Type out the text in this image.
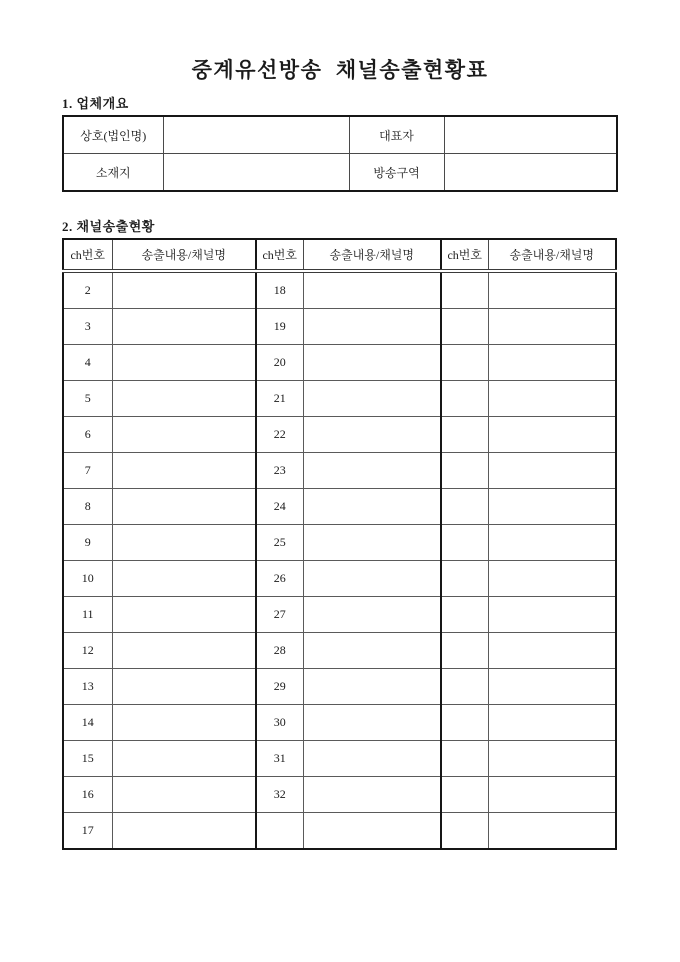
중계유선방송  채널송출현황표
1. 업체개요
상호(법인명)		대표자	
소재지		방송구역	
2. 채널송출현황
ch번호	송출내용/채널명	ch번호	송출내용/채널명	ch번호	송출내용/채널명
2		18			
3		19			
4		20			
5		21			
6		22			
7		23			
8		24			
9		25			
10		26			
11		27			
12		28			
13		29			
14		30			
15		31			
16		32			
17					
